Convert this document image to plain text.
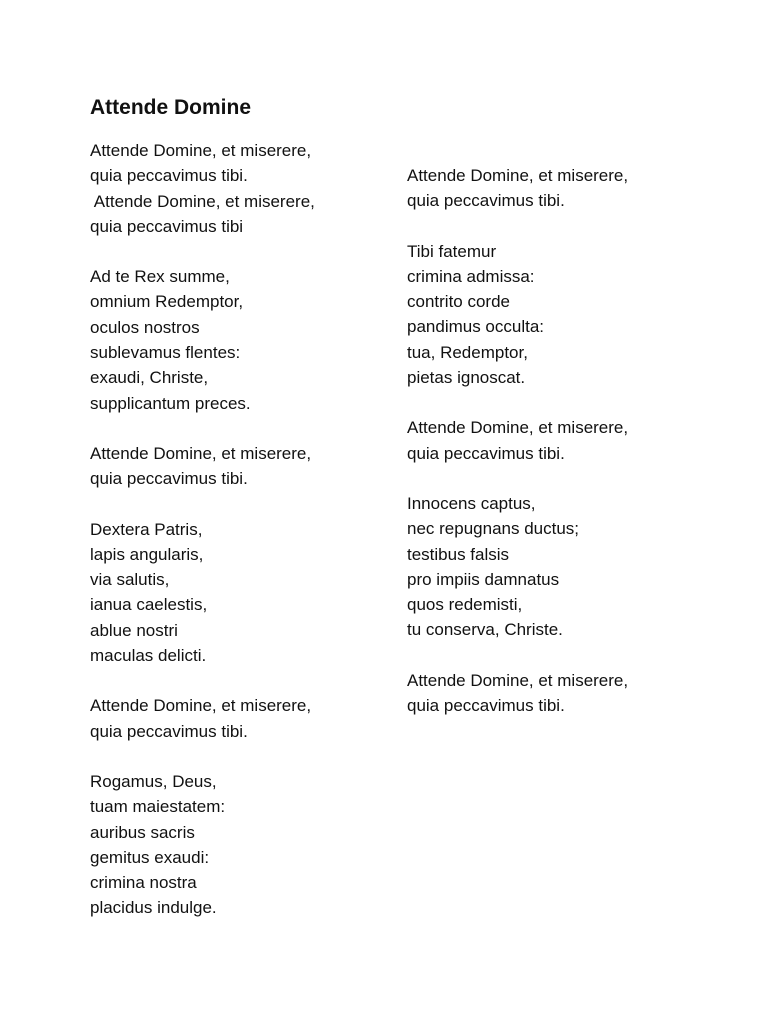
Attende Domine
Attende Domine, et miserere,
quia peccavimus tibi.
Attende Domine, et miserere,
quia peccavimus tibi
Ad te Rex summe,
omnium Redemptor,
oculos nostros
sublevamus flentes:
exaudi, Christe,
supplicantum preces.
Attende Domine, et miserere,
quia peccavimus tibi.
Dextera Patris,
lapis angularis,
via salutis,
ianua caelestis,
ablue nostri
maculas delicti.
Attende Domine, et miserere,
quia peccavimus tibi.
Rogamus, Deus,
tuam maiestatem:
auribus sacris
gemitus exaudi:
crimina nostra
placidus indulge.
Attende Domine, et miserere,
quia peccavimus tibi.
Tibi fatemur
crimina admissa:
contrito corde
pandimus occulta:
tua, Redemptor,
pietas ignoscat.
Attende Domine, et miserere,
quia peccavimus tibi.
Innocens captus,
nec repugnans ductus;
testibus falsis
pro impiis damnatus
quos redemisti,
tu conserva, Christe.
Attende Domine, et miserere,
quia peccavimus tibi.
